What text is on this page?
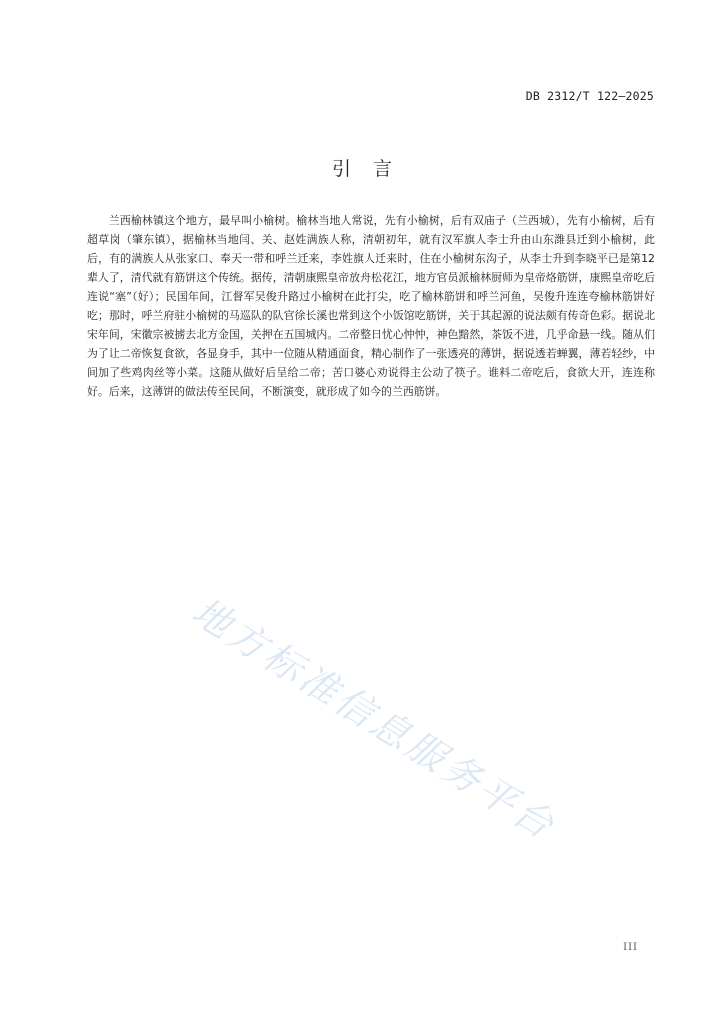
DB 2312/T 122—2025
引 言

兰西榆林镇这个地方，最早叫小榆树。榆林当地人常说，先有小榆树，后有双庙子（兰西城），先有小榆树，后有超草岗（肇东镇），据榆林当地闫、关、赵姓满族人称，清朝初年，就有汉军旗人李士升由山东潍县迁到小榆树，此后，有的满族人从张家口、奉天一带和呼兰迁来，李姓旗人迁来时，住在小榆树东沟子，从李士升到李晓平已是第12辈人了，清代就有筋饼这个传统。据传，清朝康熙皇帝放舟松花江，地方官员派榆林厨师为皇帝烙筋饼，康熙皇帝吃后连说“塞”（好）；民国年间，江督军吴俊升路过小榆树在此打尖，吃了榆林筋饼和呼兰河鱼，吴俊升连连夸榆林筋饼好吃；那时，呼兰府驻小榆树的马巡队的队官徐长溪也常到这个小饭馆吃筋饼，关于其起源的说法颇有传奇色彩。据说北宋年间，宋徽宗被掳去北方金国，关押在五国城内。二帝整日忧心忡忡，神色黯然，茶饭不进，几乎命悬一线。随从们为了让二帝恢复食欲，各显身手，其中一位随从精通面食，精心制作了一张透亮的薄饼，据说透若蝉翼，薄若轻纱，中间加了些鸡肉丝等小菜。这随从做好后呈给二帝；苦口婆心劝说得主公动了筷子。谁料二帝吃后，食欲大开，连连称好。后来，这薄饼的做法传至民间，不断演变，就形成了如今的兰西筋饼。

地方标准信息服务平台
III
